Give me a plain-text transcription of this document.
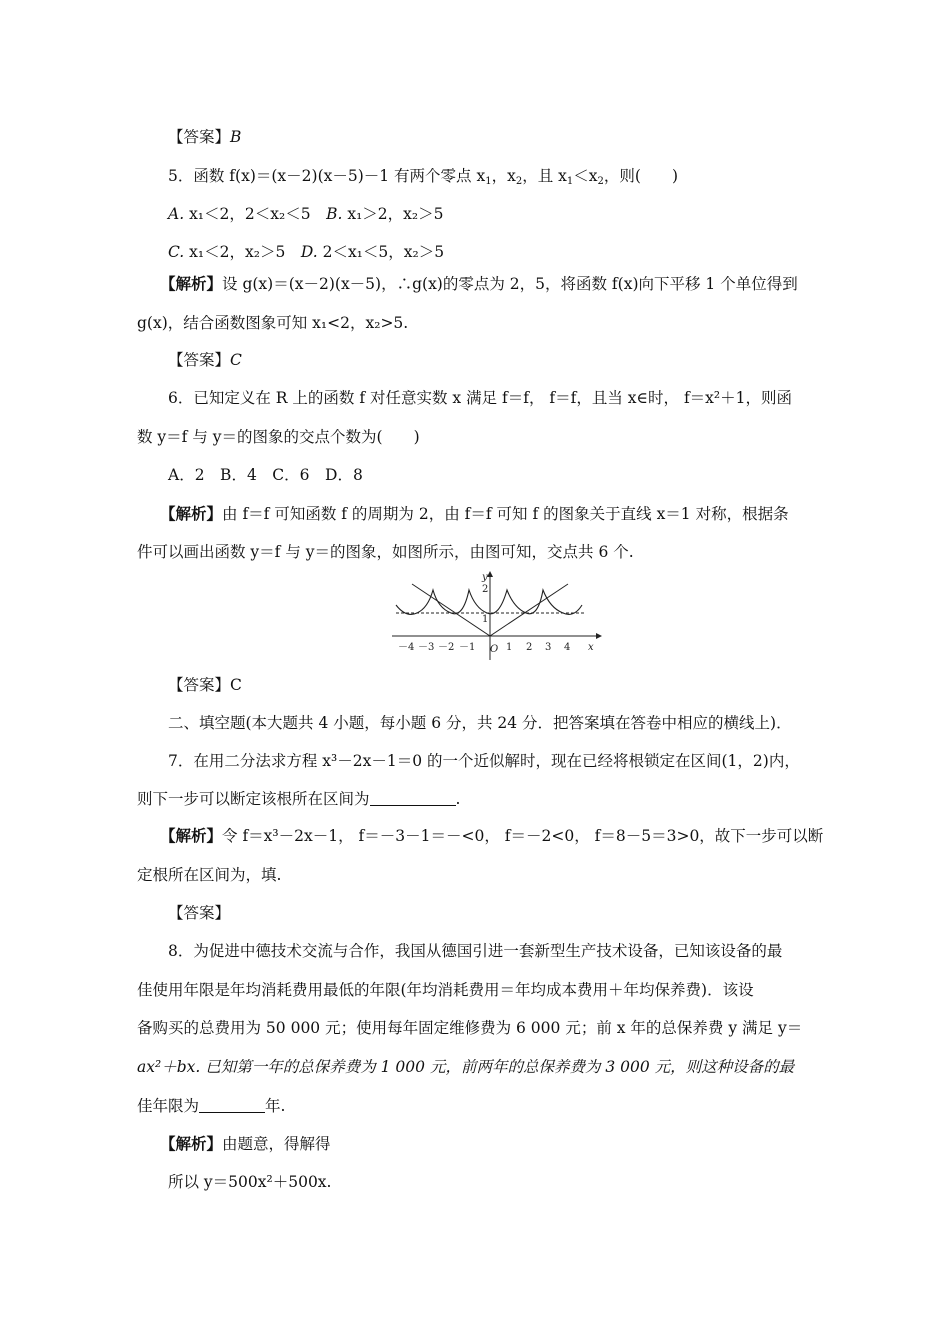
【答案】B
5．函数 f(x)＝(x－2)(x－5)－1 有两个零点 $x_1$，$x_2$，且 $x_1<x_2$，则(　　)
A. x₁＜2，2＜x₂＜5　 B. x₁＞2，x₂＞5
C. x₁＜2，x₂＞5　 D. 2＜x₁＜5，x₂＞5
【解析】设 g(x)＝(x－2)(x－5)，∴g(x)的零点为 2，5，将函数 f(x)向下平移 1 个单位得到
g(x)，结合函数图象可知 x₁<2，x₂>5.
【答案】C
6．已知定义在 R 上的函数 f 对任意实数 x 满足 f＝f， f＝f，且当 x∈时， f＝x²＋1，则函
数 y＝f 与 y＝的图象的交点个数为(　　)
A．2　B．4　C．6　D．8
【解析】由 f＝f 可知函数 f 的周期为 2，由 f＝f 可知 f 的图象关于直线 x＝1 对称，根据条
件可以画出函数 y＝f 与 y＝的图象，如图所示，由图可知，交点共 6 个.
－4 －3 －2 －1 O 1 2 3 4 x
y
1
2
【答案】C
二、填空题(本大题共 4 小题，每小题 6 分，共 24 分．把答案填在答卷中相应的横线上)．
7．在用二分法求方程 x³－2x－1＝0 的一个近似解时，现在已经将根锁定在区间(1，2)内，
则下一步可以断定该根所在区间为	.
【解析】令 f＝x³－2x－1， f＝－3－1＝－<0， f＝－2<0， f＝8－5＝3>0，故下一步可以断
定根所在区间为，填.
【答案】
8．为促进中德技术交流与合作，我国从德国引进一套新型生产技术设备，已知该设备的最
佳使用年限是年均消耗费用最低的年限(年均消耗费用＝年均成本费用＋年均保养费)．该设
备购买的总费用为 50 000 元；使用每年固定维修费为 6 000 元；前 x 年的总保养费 y 满足 y＝
ax²＋bx. 已知第一年的总保养费为 1 000 元，前两年的总保养费为 3 000 元，则这种设备的最
佳年限为	年.
【解析】由题意，得解得
所以 y＝500x²＋500x.
